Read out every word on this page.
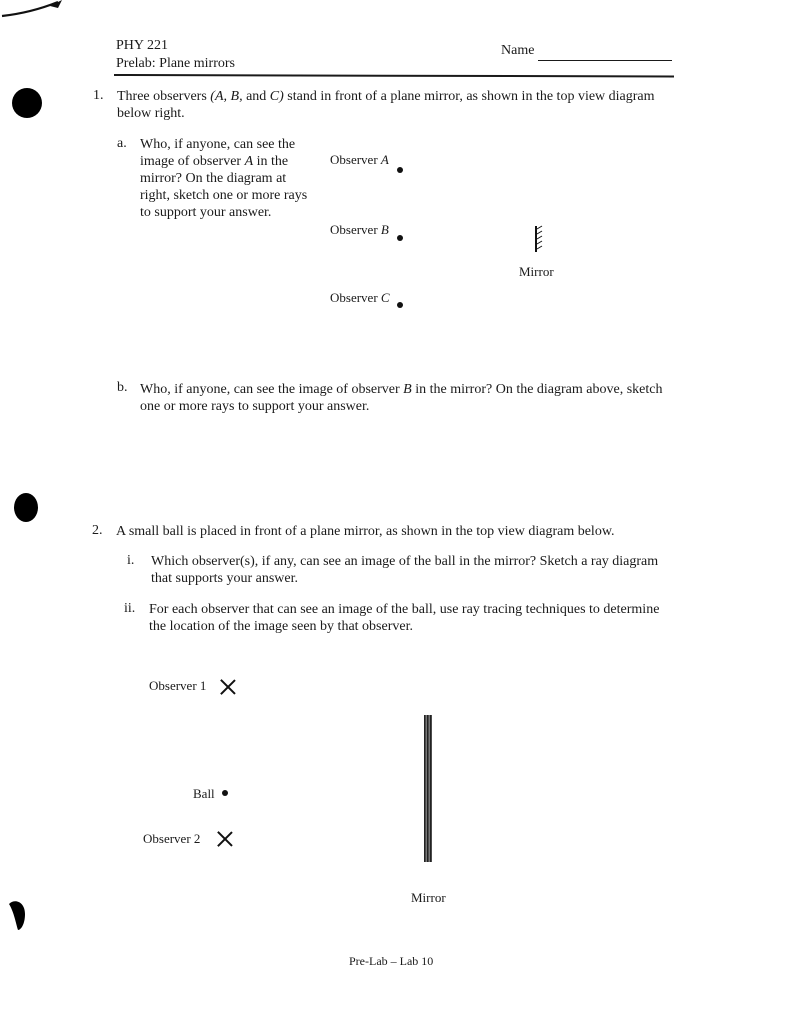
PHY 221
Prelab: Plane mirrors
Name
1. Three observers (A, B, and C) stand in front of a plane mirror, as shown in the top view diagram below right.
a. Who, if anyone, can see the image of observer A in the mirror? On the diagram at right, sketch one or more rays to support your answer.
Observer A
Observer B
Observer C
Mirror
b. Who, if anyone, can see the image of observer B in the mirror? On the diagram above, sketch one or more rays to support your answer.
2. A small ball is placed in front of a plane mirror, as shown in the top view diagram below.
i. Which observer(s), if any, can see an image of the ball in the mirror? Sketch a ray diagram that supports your answer.
ii. For each observer that can see an image of the ball, use ray tracing techniques to determine the location of the image seen by that observer.
Observer 1
Ball
Observer 2
Mirror
Pre-Lab – Lab 10
